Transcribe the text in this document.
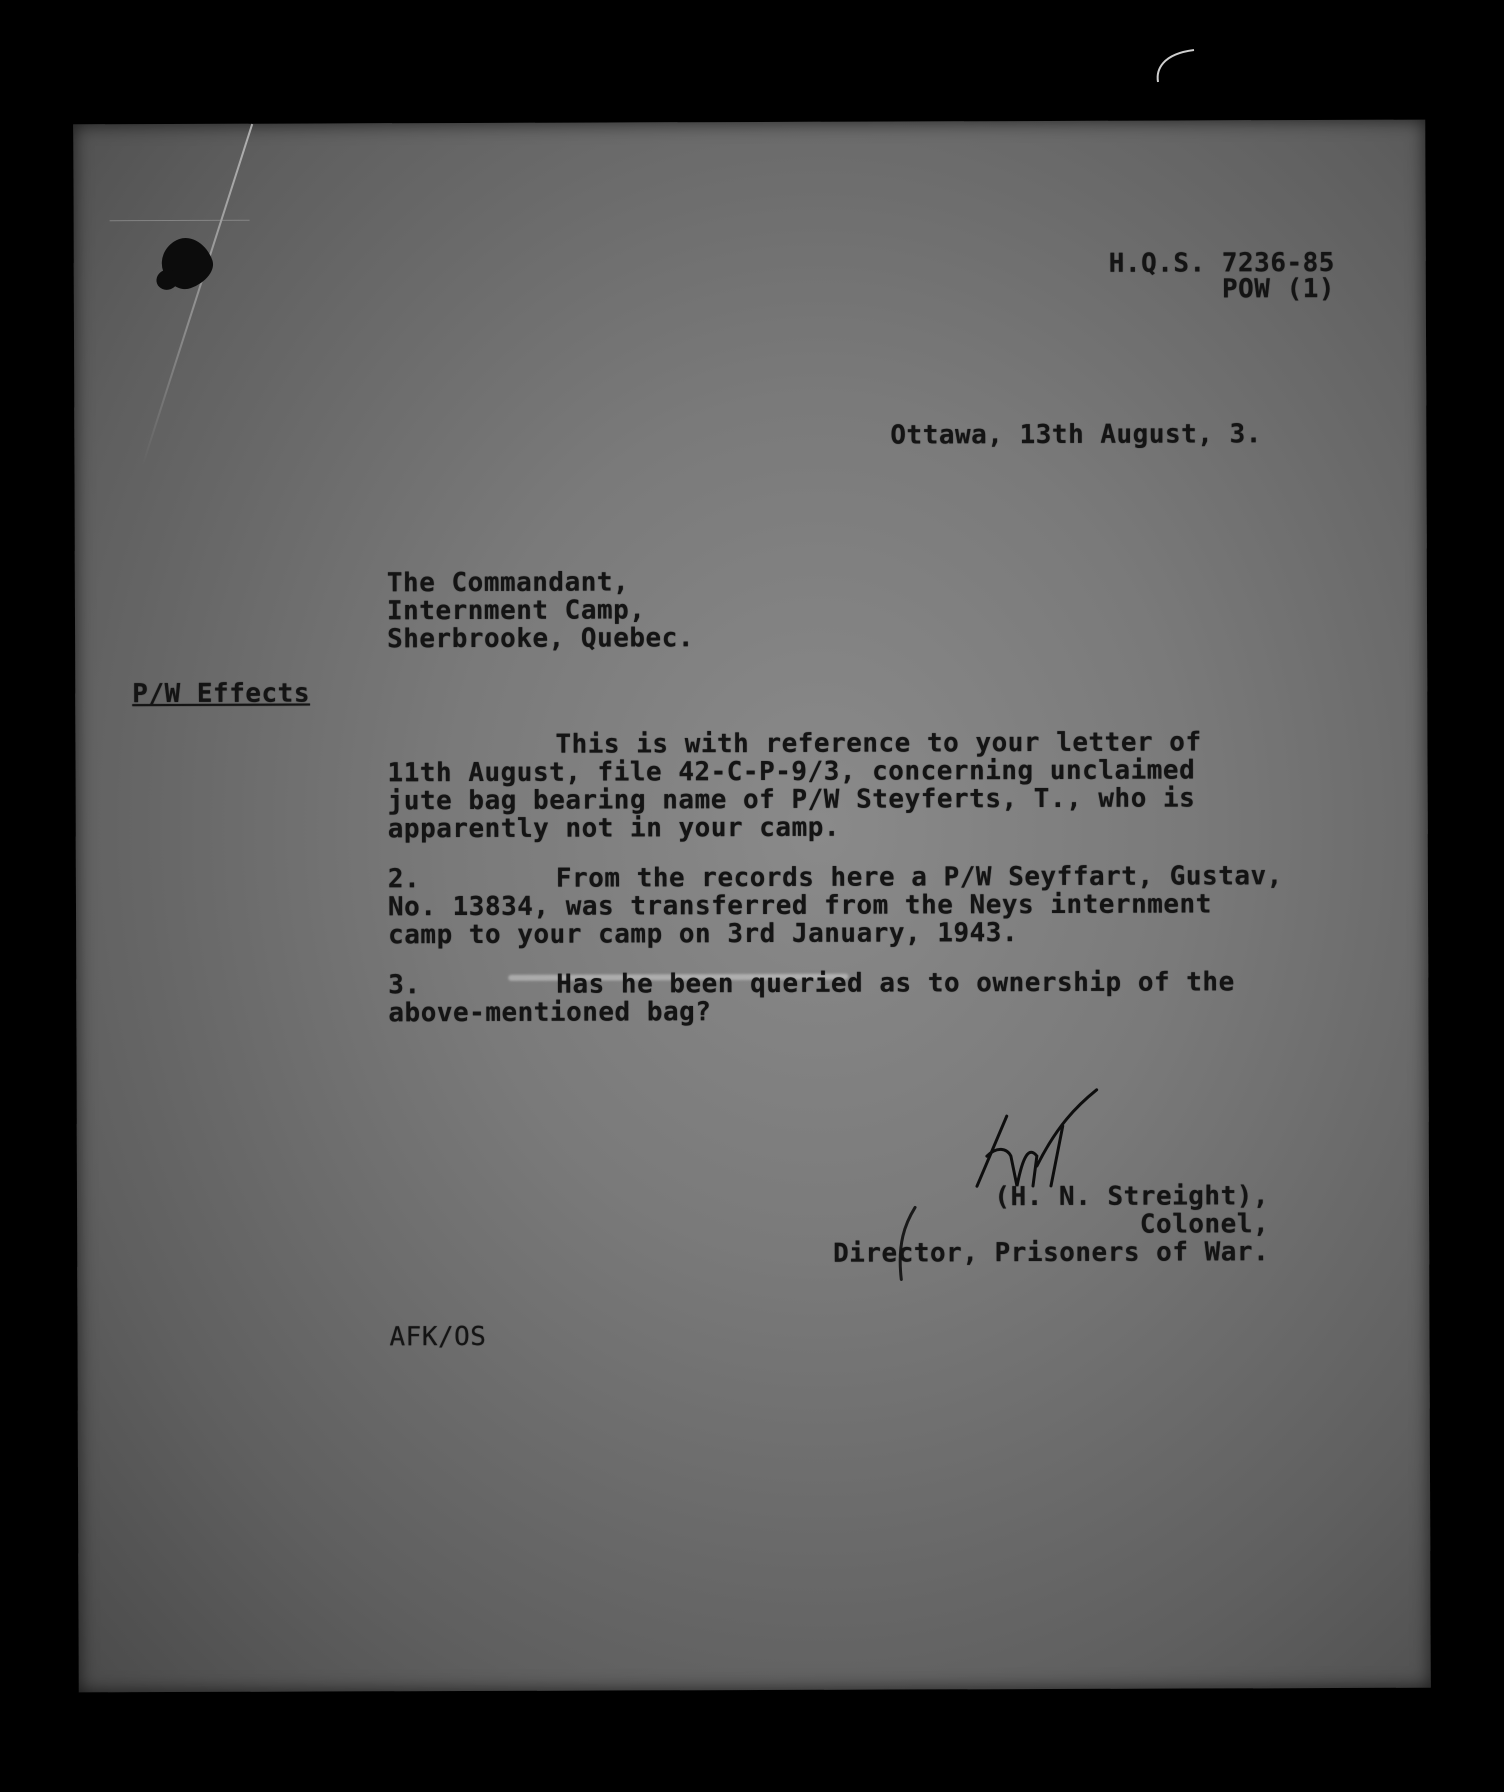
H.Q.S. 7236-85
POW (1)
Ottawa, 13th August, 3.
The Commandant,
Internment Camp,
Sherbrooke, Quebec.
P/W Effects
This is with reference to your letter of
11th August, file 42-C-P-9/3, concerning unclaimed
jute bag bearing name of P/W Steyferts, T., who is
apparently not in your camp.
2.	From the records here a P/W Seyffart, Gustav,
No. 13834, was transferred from the Neys internment
camp to your camp on 3rd January, 1943.
3.	Has he been queried as to ownership of the
above-mentioned bag?
(H. N. Streight),
Colonel,
Director, Prisoners of War.
AFK/OS
